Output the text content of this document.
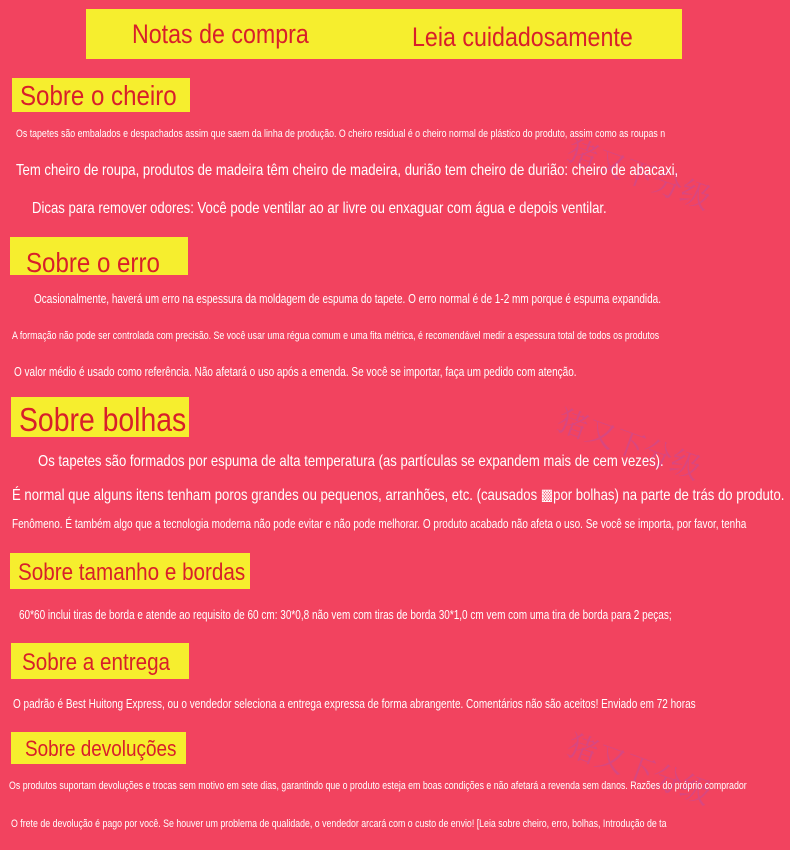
Notas de compra	Leia cuidadosamente
猪又下分级
猪又下分级
猪又下分级
Sobre o cheiro
Os tapetes são embalados e despachados assim que saem da linha de produção. O cheiro residual é o cheiro normal de plástico do produto, assim como as roupas n
Tem cheiro de roupa, produtos de madeira têm cheiro de madeira, durião tem cheiro de durião: cheiro de abacaxi,
Dicas para remover odores: Você pode ventilar ao ar livre ou enxaguar com água e depois ventilar.
Sobre o erro
Ocasionalmente, haverá um erro na espessura da moldagem de espuma do tapete. O erro normal é de 1-2 mm porque é espuma expandida.
A formação não pode ser controlada com precisão. Se você usar uma régua comum e uma fita métrica, é recomendável medir a espessura total de todos os produtos
O valor médio é usado como referência. Não afetará o uso após a emenda. Se você se importar, faça um pedido com atenção.
Sobre bolhas
Os tapetes são formados por espuma de alta temperatura (as partículas se expandem mais de cem vezes).
É normal que alguns itens tenham poros grandes ou pequenos, arranhões, etc. (causados ▩por bolhas) na parte de trás do produto.
Fenômeno. É também algo que a tecnologia moderna não pode evitar e não pode melhorar. O produto acabado não afeta o uso. Se você se importa, por favor, tenha
Sobre tamanho e bordas
60*60 inclui tiras de borda e atende ao requisito de 60 cm: 30*0,8 não vem com tiras de borda 30*1,0 cm vem com uma tira de borda para 2 peças;
Sobre a entrega
O padrão é Best Huitong Express, ou o vendedor seleciona a entrega expressa de forma abrangente. Comentários não são aceitos! Enviado em 72 horas
Sobre devoluções
Os produtos suportam devoluções e trocas sem motivo em sete dias, garantindo que o produto esteja em boas condições e não afetará a revenda sem danos. Razões do próprio comprador
O frete de devolução é pago por você. Se houver um problema de qualidade, o vendedor arcará com o custo de envio! [Leia sobre cheiro, erro, bolhas, Introdução de ta
